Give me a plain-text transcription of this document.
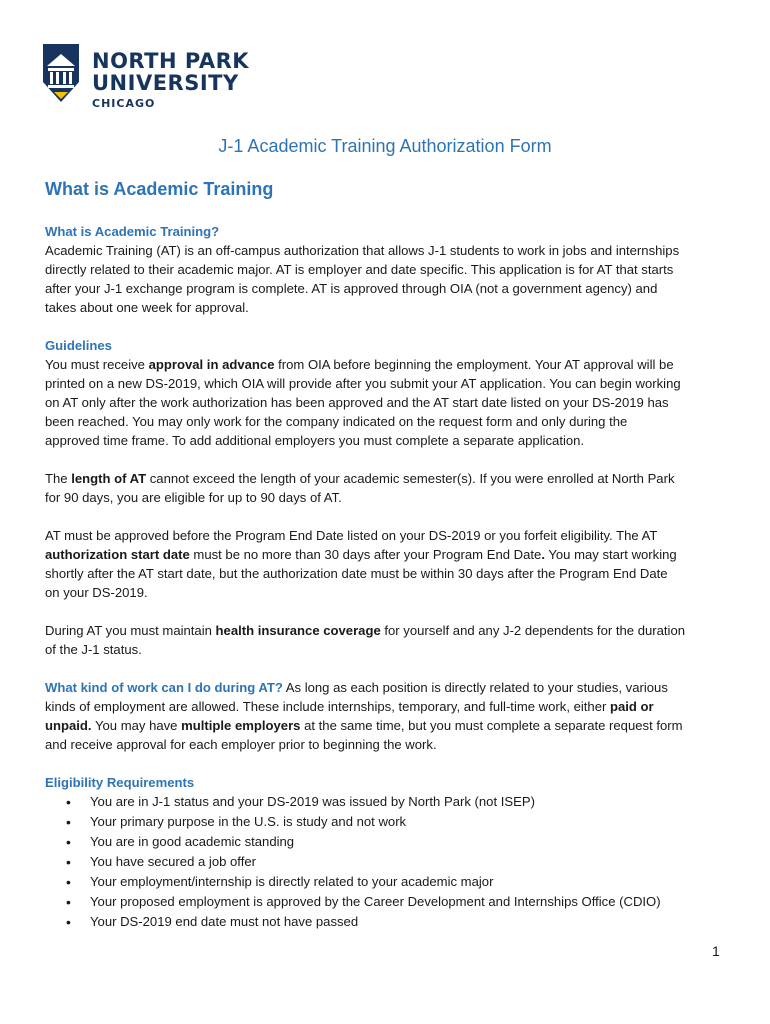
NORTH PARK
UNIVERSITY
CHICAGO
J-1 Academic Training Authorization Form
What is Academic Training

What is Academic Training?
Academic Training (AT) is an off-campus authorization that allows J-1 students to work in jobs and internships
directly related to their academic major. AT is employer and date specific. This application is for AT that starts
after your J-1 exchange program is complete. AT is approved through OIA (not a government agency) and
takes about one week for approval.

Guidelines
You must receive approval in advance from OIA before beginning the employment. Your AT approval will be
printed on a new DS-2019, which OIA will provide after you submit your AT application. You can begin working
on AT only after the work authorization has been approved and the AT start date listed on your DS-2019 has
been reached. You may only work for the company indicated on the request form and only during the
approved time frame. To add additional employers you must complete a separate application.

The length of AT cannot exceed the length of your academic semester(s). If you were enrolled at North Park
for 90 days, you are eligible for up to 90 days of AT.

AT must be approved before the Program End Date listed on your DS-2019 or you forfeit eligibility. The AT
authorization start date must be no more than 30 days after your Program End Date. You may start working
shortly after the AT start date, but the authorization date must be within 30 days after the Program End Date
on your DS-2019.

During AT you must maintain health insurance coverage for yourself and any J-2 dependents for the duration
of the J-1 status.

What kind of work can I do during AT? As long as each position is directly related to your studies, various
kinds of employment are allowed. These include internships, temporary, and full-time work, either paid or
unpaid. You may have multiple employers at the same time, but you must complete a separate request form
and receive approval for each employer prior to beginning the work.

Eligibility Requirements
• You are in J-1 status and your DS-2019 was issued by North Park (not ISEP)
• Your primary purpose in the U.S. is study and not work
• You are in good academic standing
• You have secured a job offer
• Your employment/internship is directly related to your academic major
• Your proposed employment is approved by the Career Development and Internships Office (CDIO)
• Your DS-2019 end date must not have passed
1
